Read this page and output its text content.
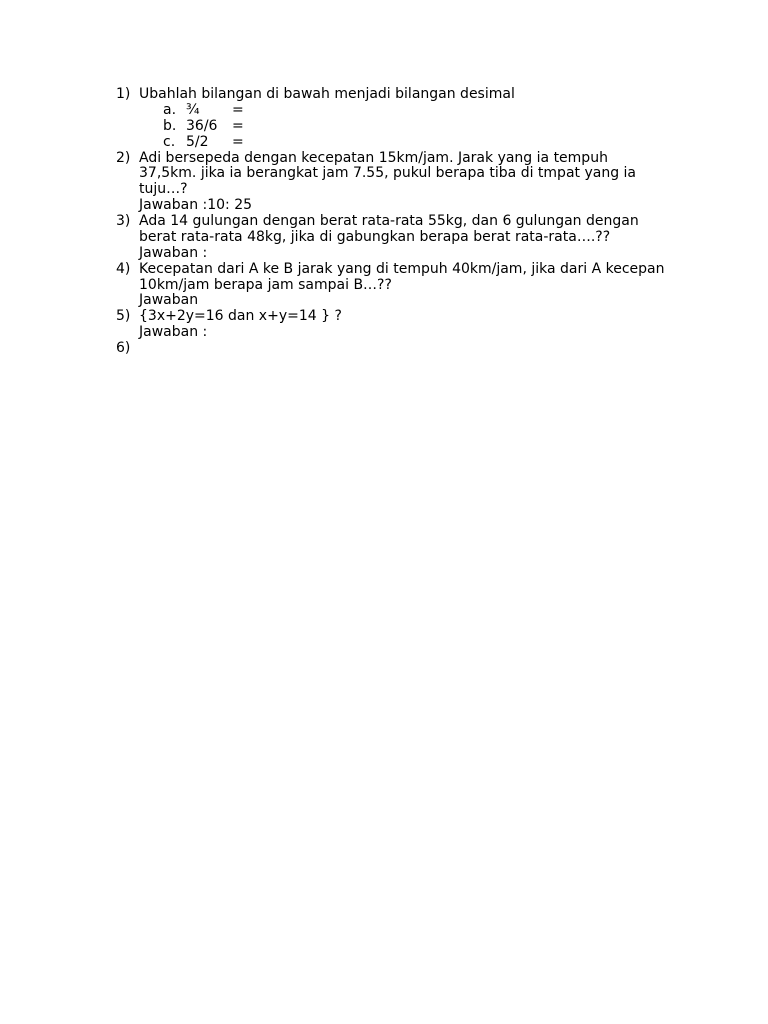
1) Ubahlah bilangan di bawah menjadi bilangan desimal
a. ¾ =
b. 36/6 =
c. 5/2 =
2) Adi bersepeda dengan kecepatan 15km/jam. Jarak yang ia tempuh
37,5km. jika ia berangkat jam 7.55, pukul berapa tiba di tmpat yang ia
tuju…?
Jawaban :10: 25
3) Ada 14 gulungan dengan berat rata-rata 55kg, dan 6 gulungan dengan
berat rata-rata 48kg, jika di gabungkan berapa berat rata-rata….??
Jawaban :
4) Kecepatan dari A ke B jarak yang di tempuh 40km/jam, jika dari A kecepan
10km/jam berapa jam sampai B…??
Jawaban
5) {3x+2y=16 dan x+y=14 } ?
Jawaban :
6)
